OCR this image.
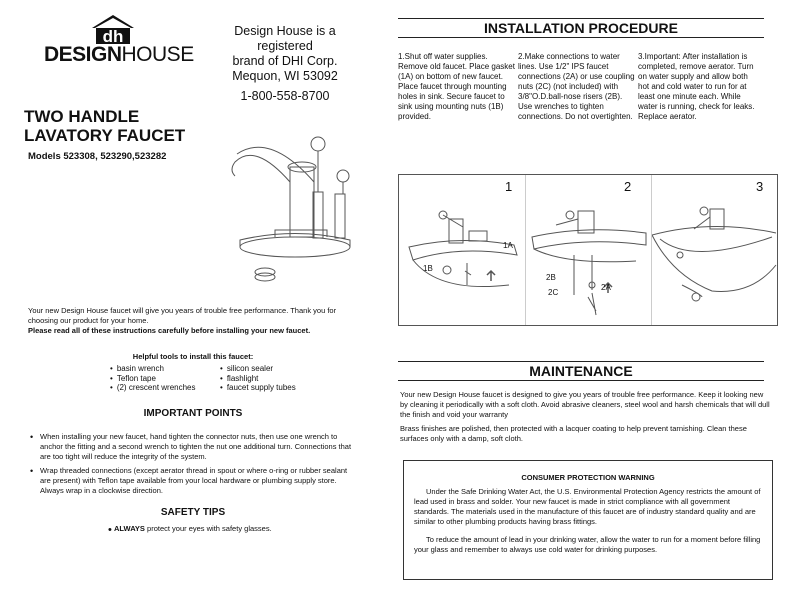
dh
DESIGNHOUSE
Design House is a registered
brand of DHI Corp.
Mequon, WI 53092
1-800-558-8700
TWO HANDLE
LAVATORY FAUCET
Models 523308, 523290,523282
Your new Design House faucet will give you years of trouble free performance. Thank you for choosing our product for your home.
Please read all of these instructions carefully before installing your new faucet.
Helpful tools to install this faucet:
• basin wrench
• Teflon tape
• (2) crescent wrenches
• silicon sealer
• flashlight
• faucet supply tubes
IMPORTANT POINTS
• When installing your new faucet, hand tighten the connector nuts, then use one wrench to anchor the fitting and a second wrench to tighten the nut one additional turn. Connections that are too tight will reduce the integrity of the system.
• Wrap threaded connections (except aerator thread in spout or where o-ring or rubber sealant are present) with Teflon tape available from your local hardware or plumbing supply store. Always wrap in a clockwise direction.
SAFETY TIPS
• ALWAYS protect your eyes with safety glasses.
INSTALLATION PROCEDURE
1.Shut off water supplies. Remove old faucet. Place gasket (1A) on bottom of new faucet. Place faucet through mounting holes in sink. Secure faucet to sink using mounting nuts (1B) provided.
2.Make connections to water lines. Use 1/2" IPS faucet connections (2A) or use coupling nuts (2C) (not included) with 3/8"O.D.ball-nose risers (2B). Use wrenches to tighten connections. Do not overtighten.
3.Important: After installation is completed, remove aerator. Turn on water supply and allow both hot and cold water to run for at least one minute each. While water is running, check for leaks. Replace aerator.
1
1A
1B
2
2B
2C
2A
3
MAINTENANCE
Your new Design House faucet is designed to give you years of trouble free performance. Keep it looking new by cleaning it periodically with a soft cloth. Avoid abrasive cleaners, steel wool and harsh chemicals that will dull the finish and void your warranty
Brass finishes are polished, then protected with a lacquer coating to help prevent tarnishing. Clean these surfaces only with a damp, soft cloth.
CONSUMER PROTECTION WARNING

Under the Safe Drinking Water Act, the U.S. Environmental Protection Agency restricts the amount of lead used in brass and solder. Your new faucet is made in strict compliance with all government standards. The materials used in the manufacture of this faucet are of industry standard quality and are similar to other plumbing products having brass fittings.

To reduce the amount of lead in your drinking water, allow the water to run for a moment before filling your glass and remember to always use cold water for drinking purposes.
